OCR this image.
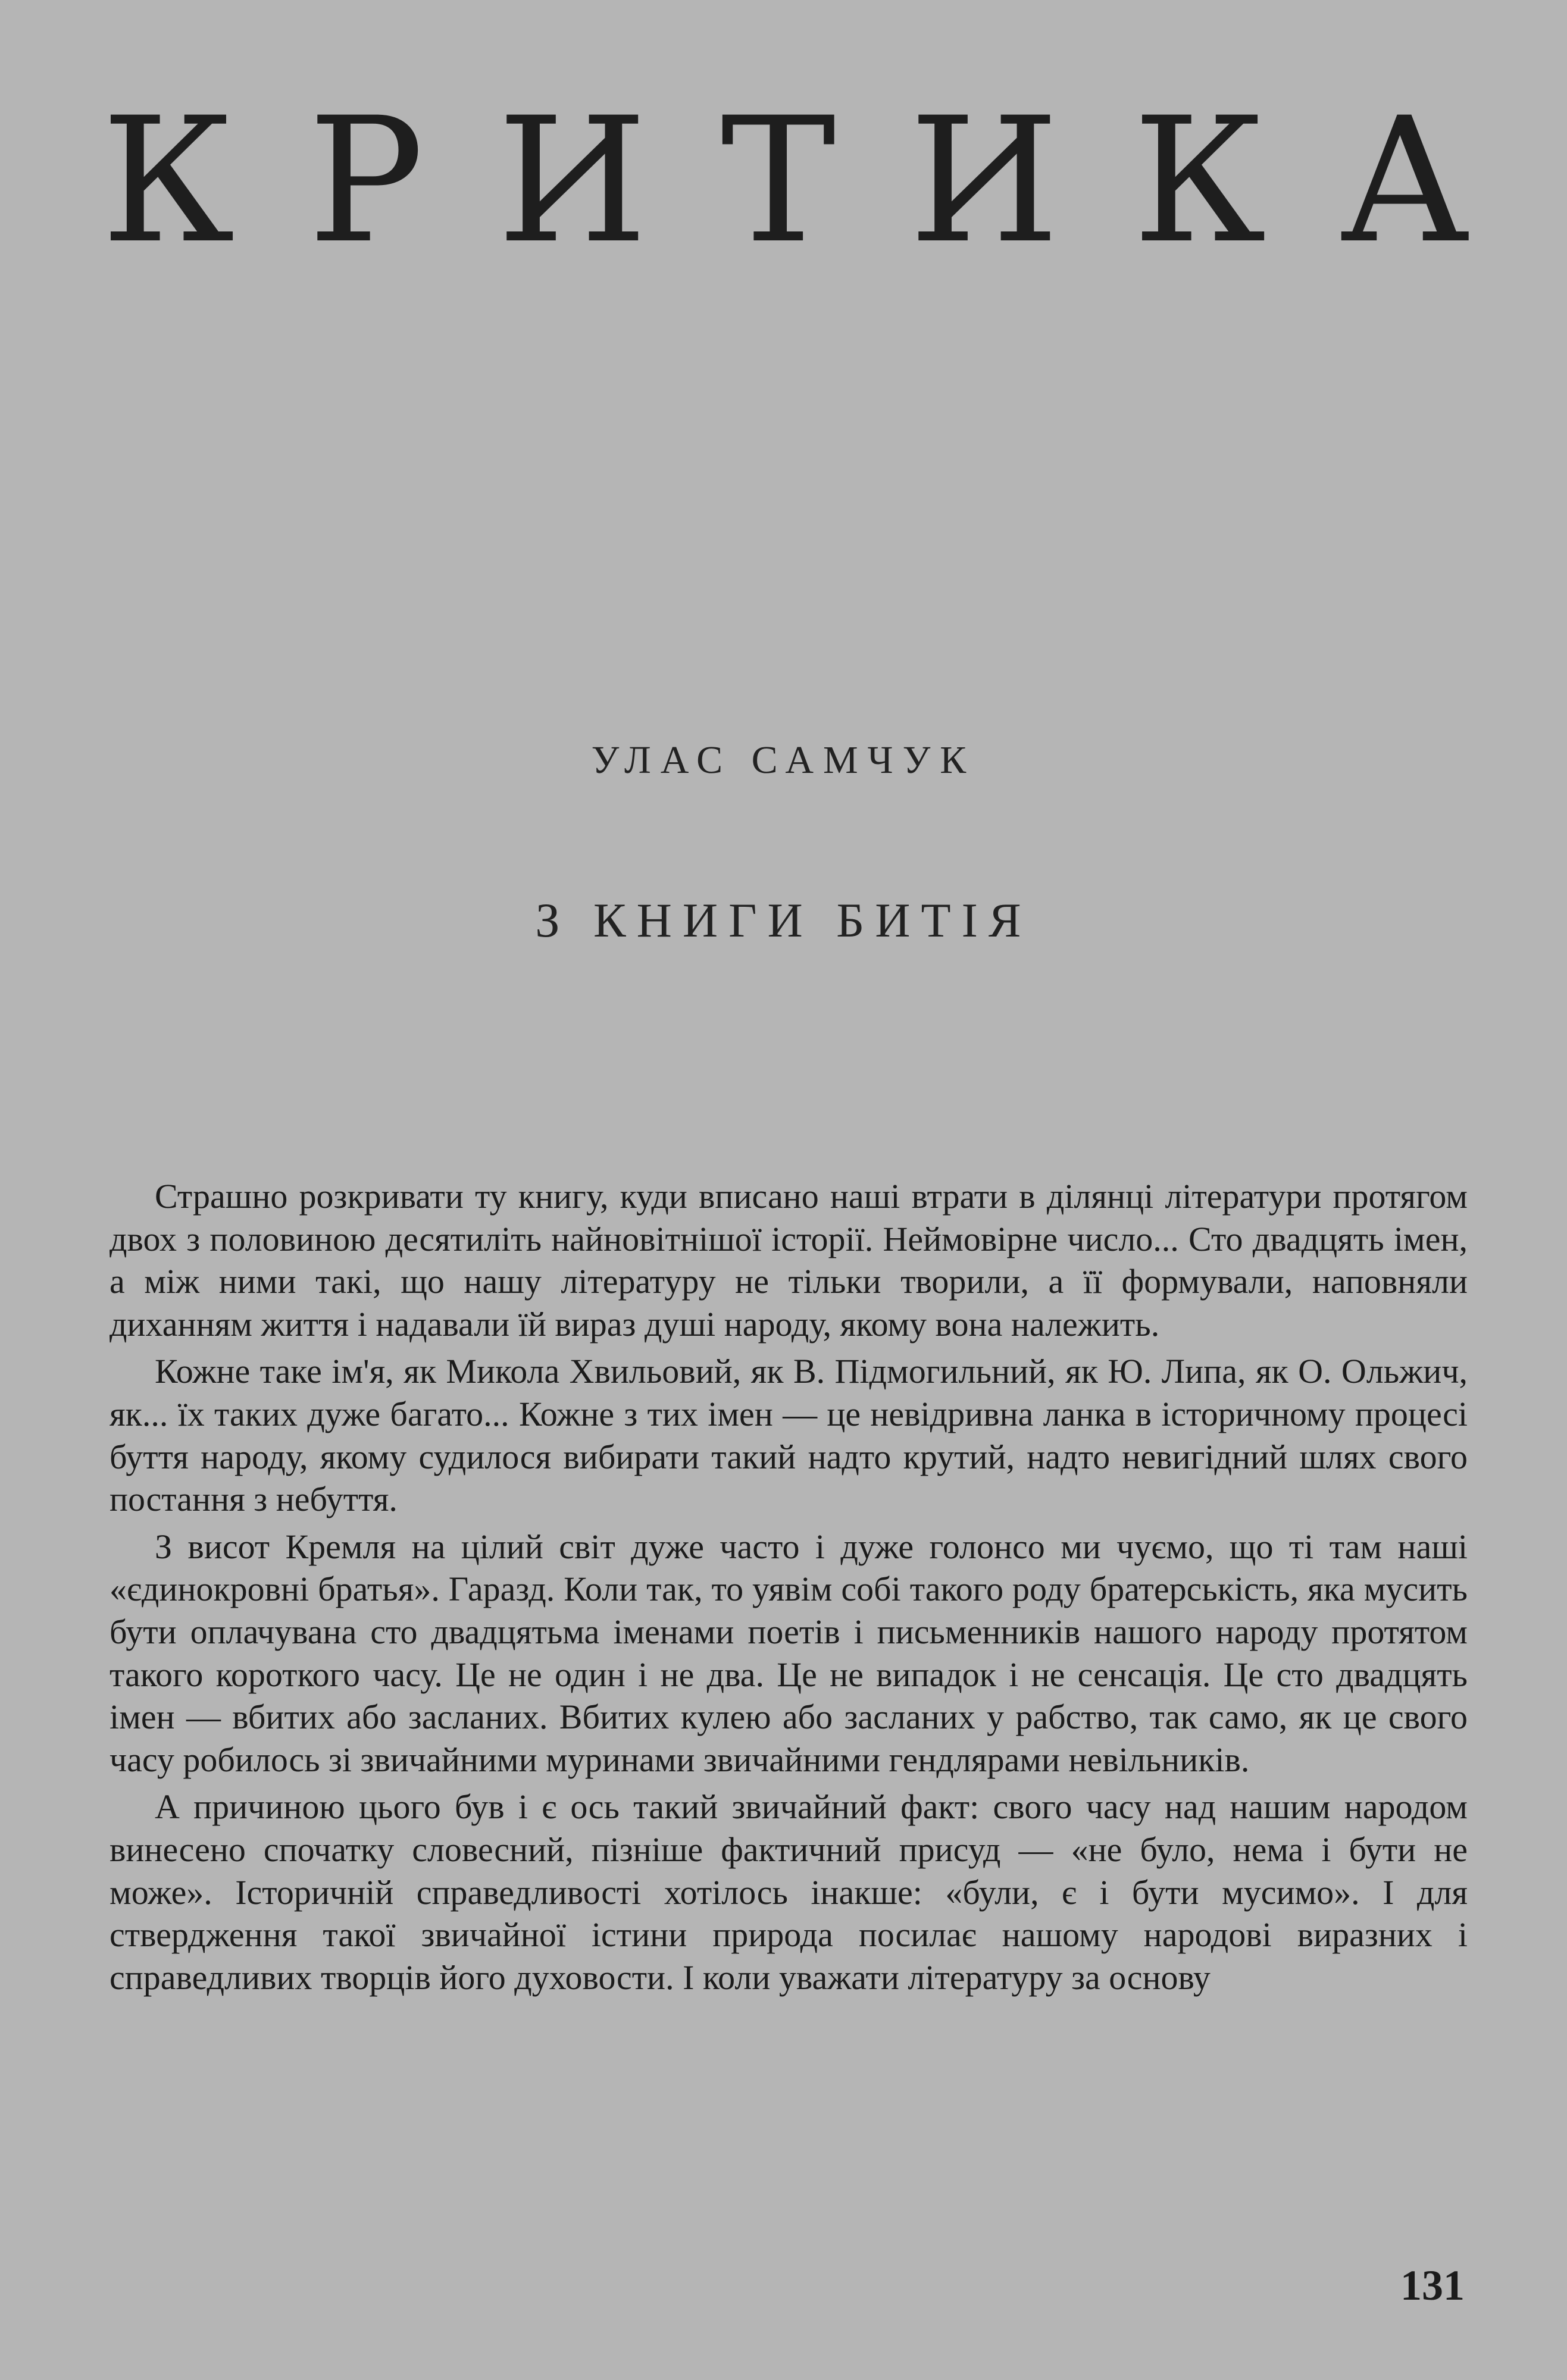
К Р И Т И К А
УЛАС САМЧУК
З КНИГИ БИТІЯ

Страшно розкривати ту книгу, куди вписано наші втрати в ділянці літератури протягом двох з половиною десятиліть найновітнішої історії. Неймовірне число... Сто двадцять імен, а між ними такі, що нашу літературу не тільки творили, а її формували, наповняли диханням життя і надавали їй вираз душі народу, якому вона належить.

Кожне таке ім'я, як Микола Хвильовий, як В. Підмогильний, як Ю. Липа, як О. Ольжич, як... їх таких дуже багато... Кожне з тих імен — це невідривна ланка в історичному процесі буття народу, якому судилося вибирати такий надто крутий, надто невигідний шлях свого постання з небуття.

З висот Кремля на цілий світ дуже часто і дуже голонсо ми чуємо, що ті там наші «єдинокровні братья». Гаразд. Коли так, то уявім собі такого роду братерськість, яка мусить бути оплачувана сто двадцятьма іменами поетів і письменників нашого народу протятом такого короткого часу. Це не один і не два. Це не випадок і не сенсація. Це сто двадцять імен — вбитих або засланих. Вбитих кулею або засланих у рабство, так само, як це свого часу робилось зі звичайними муринами звичайними гендлярами невільників.

А причиною цього був і є ось такий звичайний факт: свого часу над нашим народом винесено спочатку словесний, пізніше фактичний присуд — «не було, нема і бути не може». Історичній справедливості хотілось інакше: «були, є і бути мусимо». І для ствердження такої звичайної істини природа посилає нашому народові виразних і справедливих творців його духовости. І коли уважати літературу за основу

131
